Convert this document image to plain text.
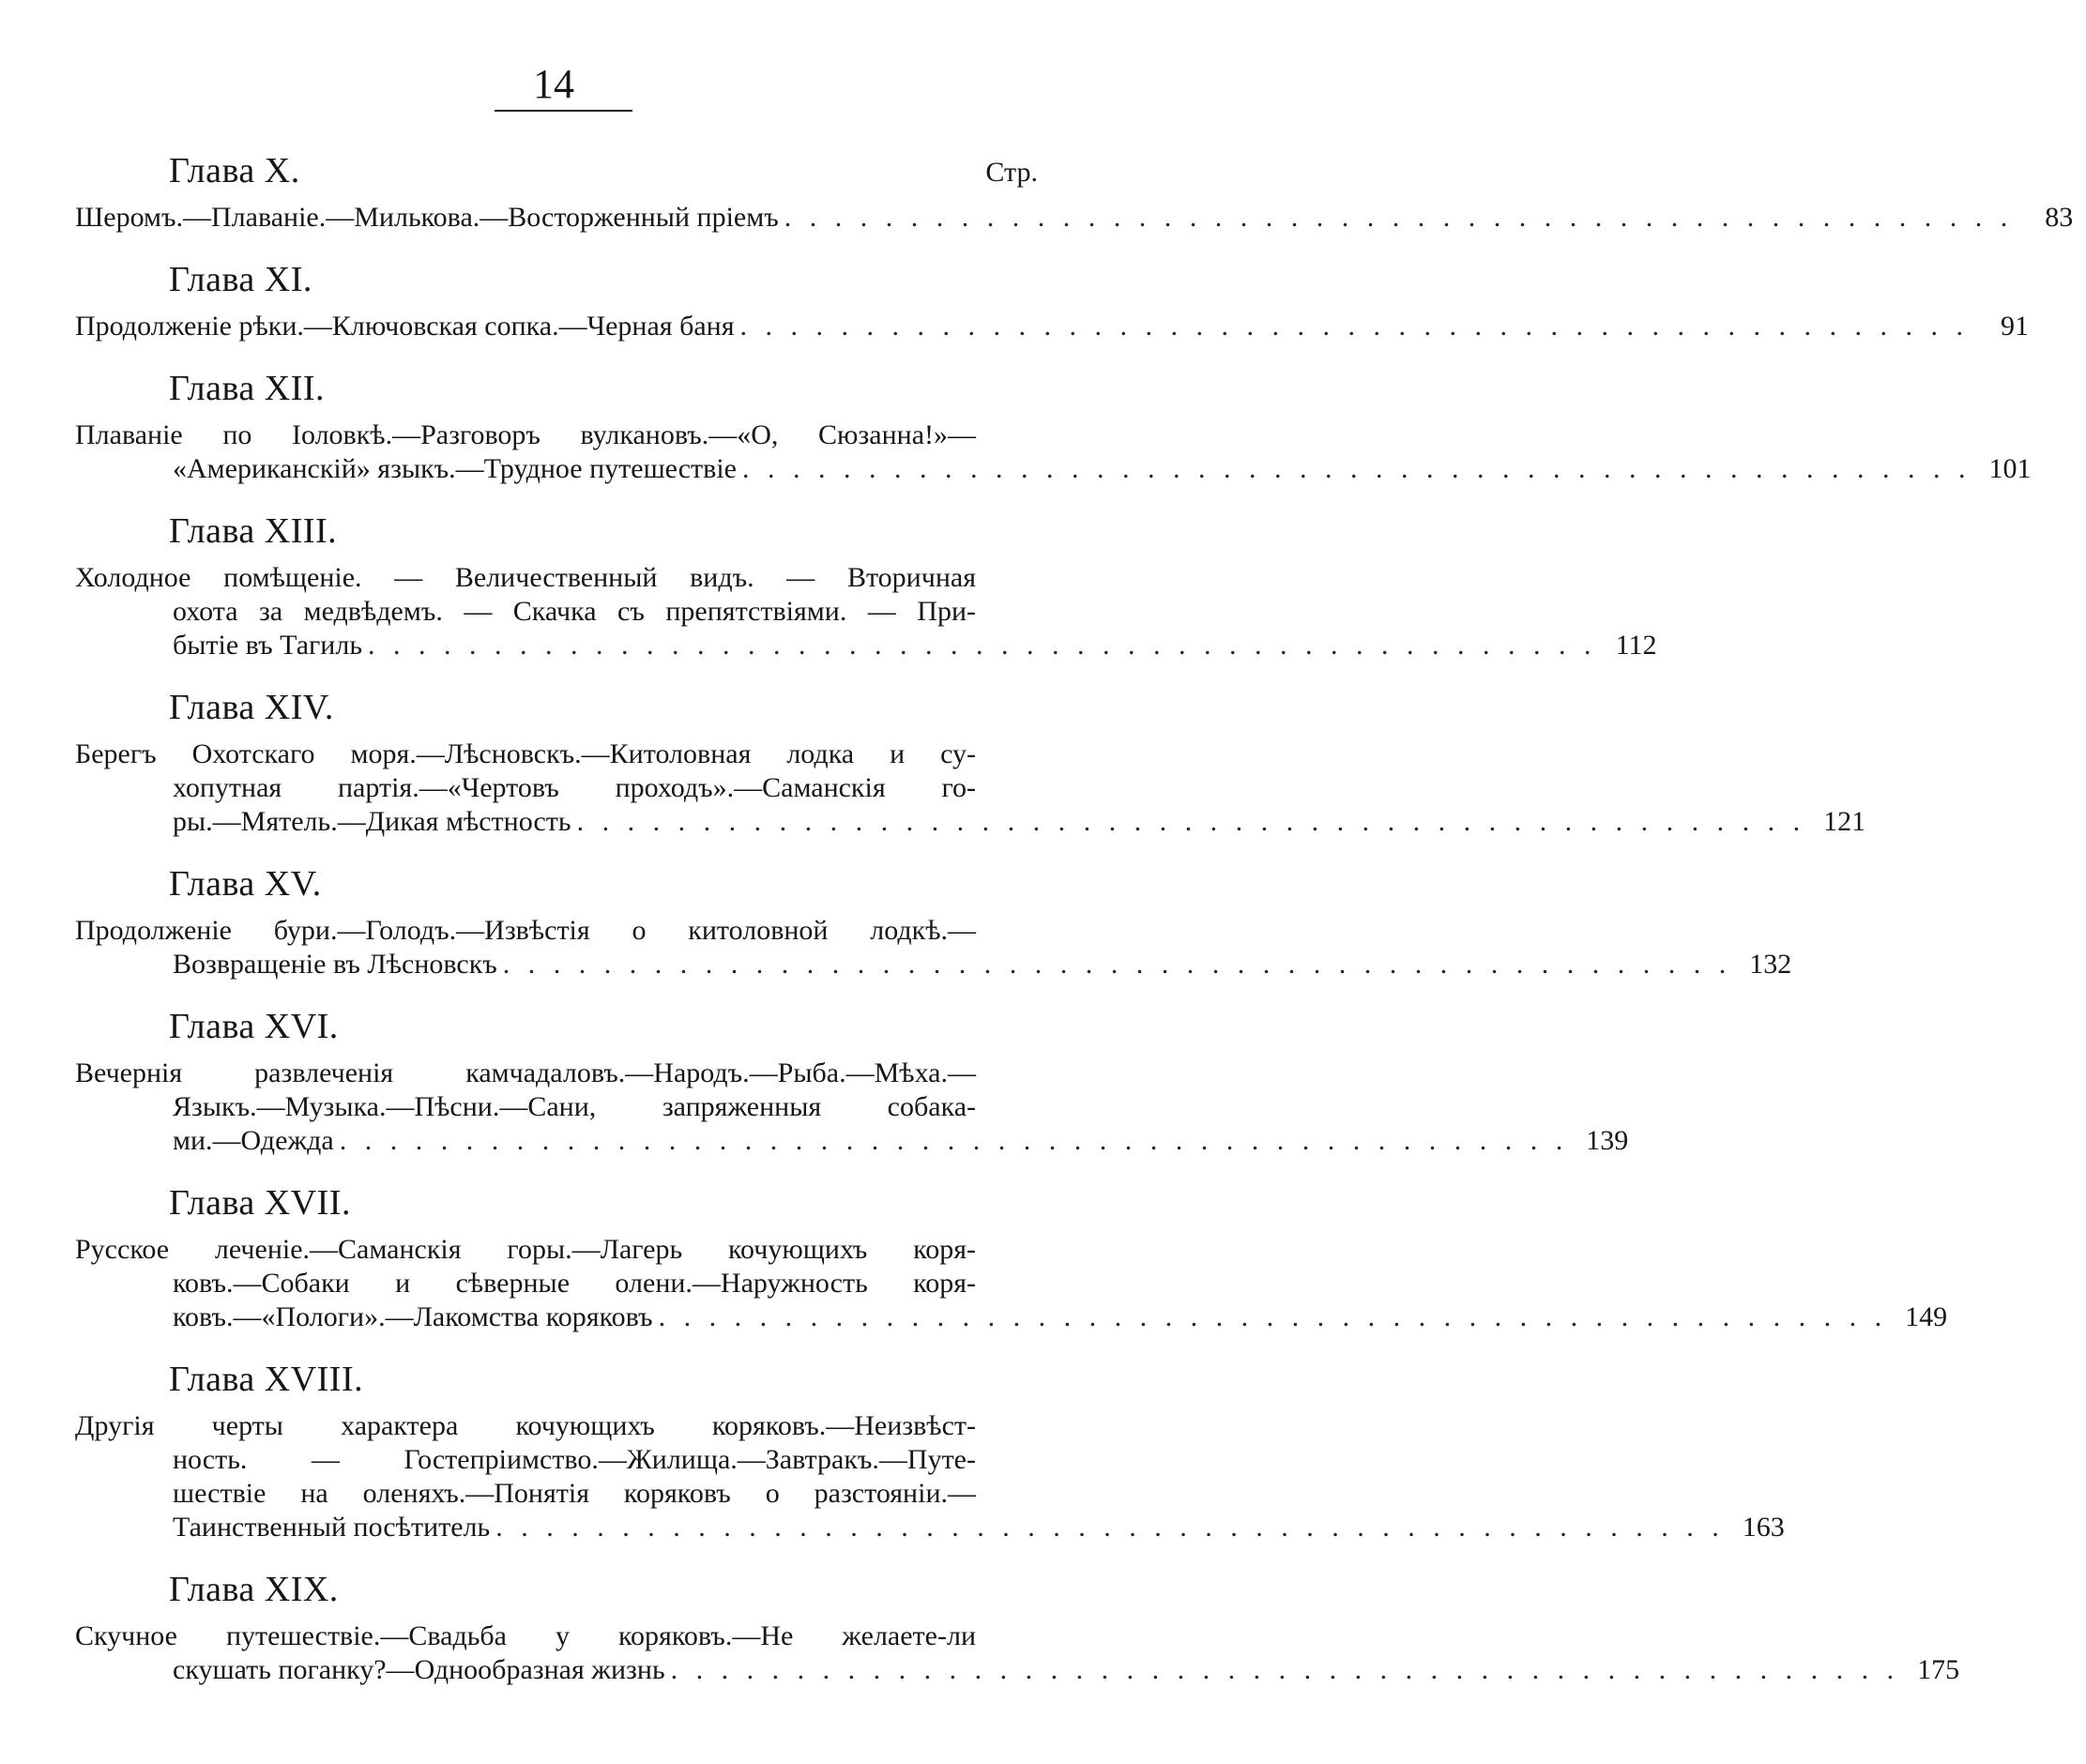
14
Глава X.	Стр.
Шеромъ.—Плаваніе.—Милькова.—Восторженный пріемъ . . . . . . . . . . . . . . . . . . . . . . . . . . . . . . . . . . . . . . . . . . . . . . . . .	83
Глава XI.
Продолженіе рѣки.—Ключовская сопка.—Черная баня . . . . . . . . . . . . . . . . . . . . . . . . . . . . . . . . . . . . . . . . . . . . . . . . .	91
Глава XII.
Плаваніе по Іоловкѣ.—Разговоръ вулкановъ.—«О, Сюзанна!»—
«Американскій» языкъ.—Трудное путешествіе . . . . . . . . . . . . . . . . . . . . . . . . . . . . . . . . . . . . . . . . . . . . . . . . . 101
Глава XIII.
Холодное помѣщеніе. — Величественный видъ. — Вторичная
охота за медвѣдемъ. — Скачка съ препятствіями. — При-
бытіе въ Тагиль . . . . . . . . . . . . . . . . . . . . . . . . . . . . . . . . . . . . . . . . . . . . . . . . . 112
Глава XIV.
Берегъ Охотскаго моря.—Лѣсновскъ.—Китоловная лодка и су-
хопутная партія.—«Чертовъ проходъ».—Саманскія го-
ры.—Мятель.—Дикая мѣстность . . . . . . . . . . . . . . . . . . . . . . . . . . . . . . . . . . . . . . . . . . . . . . . . . 121
Глава XV.
Продолженіе бури.—Голодъ.—Извѣстія о китоловной лодкѣ.—
Возвращеніе въ Лѣсновскъ . . . . . . . . . . . . . . . . . . . . . . . . . . . . . . . . . . . . . . . . . . . . . . . . . 132
Глава XVI.
Вечернія развлеченія камчадаловъ.—Народъ.—Рыба.—Мѣха.—
Языкъ.—Музыка.—Пѣсни.—Сани, запряженныя собака-
ми.—Одежда . . . . . . . . . . . . . . . . . . . . . . . . . . . . . . . . . . . . . . . . . . . . . . . . . 139
Глава XVII.
Русское леченіе.—Саманскія горы.—Лагерь кочующихъ коря-
ковъ.—Собаки и сѣверные олени.—Наружность коря-
ковъ.—«Пологи».—Лакомства коряковъ . . . . . . . . . . . . . . . . . . . . . . . . . . . . . . . . . . . . . . . . . . . . . . . . . 149
Глава XVIII.
Другія черты характера кочующихъ коряковъ.—Неизвѣст-
ность. — Гостепріимство.—Жилища.—Завтракъ.—Путе-
шествіе на оленяхъ.—Понятія коряковъ о разстояніи.—
Таинственный посѣтитель . . . . . . . . . . . . . . . . . . . . . . . . . . . . . . . . . . . . . . . . . . . . . . . . . 163
Глава XIX.
Скучное путешествіе.—Свадьба у коряковъ.—Не желаете-ли
скушать поганку?—Однообразная жизнь . . . . . . . . . . . . . . . . . . . . . . . . . . . . . . . . . . . . . . . . . . . . . . . . . 175
